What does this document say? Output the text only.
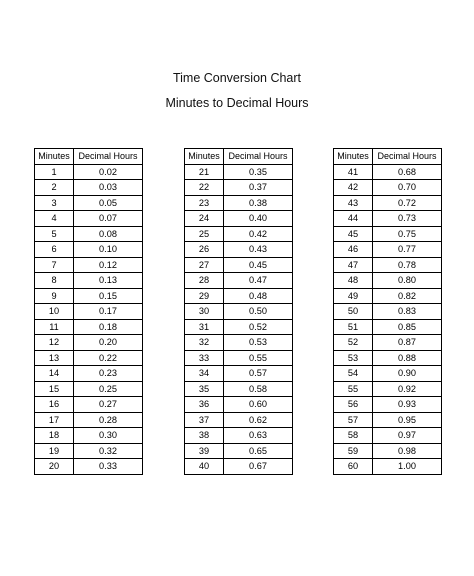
Time Conversion Chart
Minutes to Decimal Hours
Minutes	Decimal Hours
1	0.02
2	0.03
3	0.05
4	0.07
5	0.08
6	0.10
7	0.12
8	0.13
9	0.15
10	0.17
11	0.18
12	0.20
13	0.22
14	0.23
15	0.25
16	0.27
17	0.28
18	0.30
19	0.32
20	0.33
Minutes	Decimal Hours
21	0.35
22	0.37
23	0.38
24	0.40
25	0.42
26	0.43
27	0.45
28	0.47
29	0.48
30	0.50
31	0.52
32	0.53
33	0.55
34	0.57
35	0.58
36	0.60
37	0.62
38	0.63
39	0.65
40	0.67
Minutes	Decimal Hours
41	0.68
42	0.70
43	0.72
44	0.73
45	0.75
46	0.77
47	0.78
48	0.80
49	0.82
50	0.83
51	0.85
52	0.87
53	0.88
54	0.90
55	0.92
56	0.93
57	0.95
58	0.97
59	0.98
60	1.00
